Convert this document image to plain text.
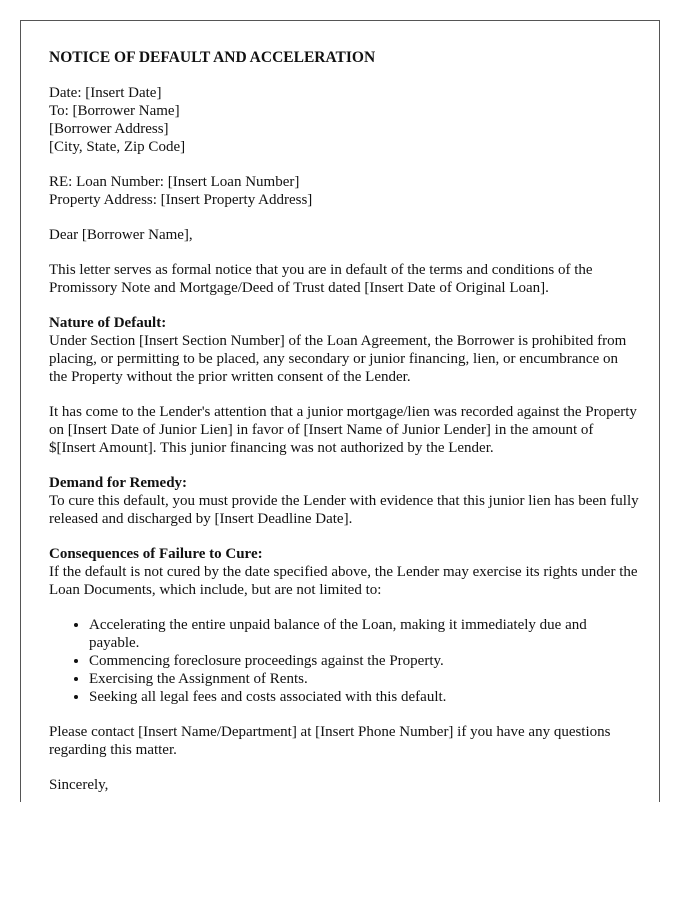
NOTICE OF DEFAULT AND ACCELERATION
Date: [Insert Date]
To: [Borrower Name]
[Borrower Address]
[City, State, Zip Code]
RE: Loan Number: [Insert Loan Number]
Property Address: [Insert Property Address]
Dear [Borrower Name],
This letter serves as formal notice that you are in default of the terms and conditions of the Promissory Note and Mortgage/Deed of Trust dated [Insert Date of Original Loan].
Nature of Default:
Under Section [Insert Section Number] of the Loan Agreement, the Borrower is prohibited from placing, or permitting to be placed, any secondary or junior financing, lien, or encumbrance on the Property without the prior written consent of the Lender.
It has come to the Lender's attention that a junior mortgage/lien was recorded against the Property on [Insert Date of Junior Lien] in favor of [Insert Name of Junior Lender] in the amount of $[Insert Amount]. This junior financing was not authorized by the Lender.
Demand for Remedy:
To cure this default, you must provide the Lender with evidence that this junior lien has been fully released and discharged by [Insert Deadline Date].
Consequences of Failure to Cure:
If the default is not cured by the date specified above, the Lender may exercise its rights under the Loan Documents, which include, but are not limited to:
• Accelerating the entire unpaid balance of the Loan, making it immediately due and payable.
• Commencing foreclosure proceedings against the Property.
• Exercising the Assignment of Rents.
• Seeking all legal fees and costs associated with this default.
Please contact [Insert Name/Department] at [Insert Phone Number] if you have any questions regarding this matter.
Sincerely,
